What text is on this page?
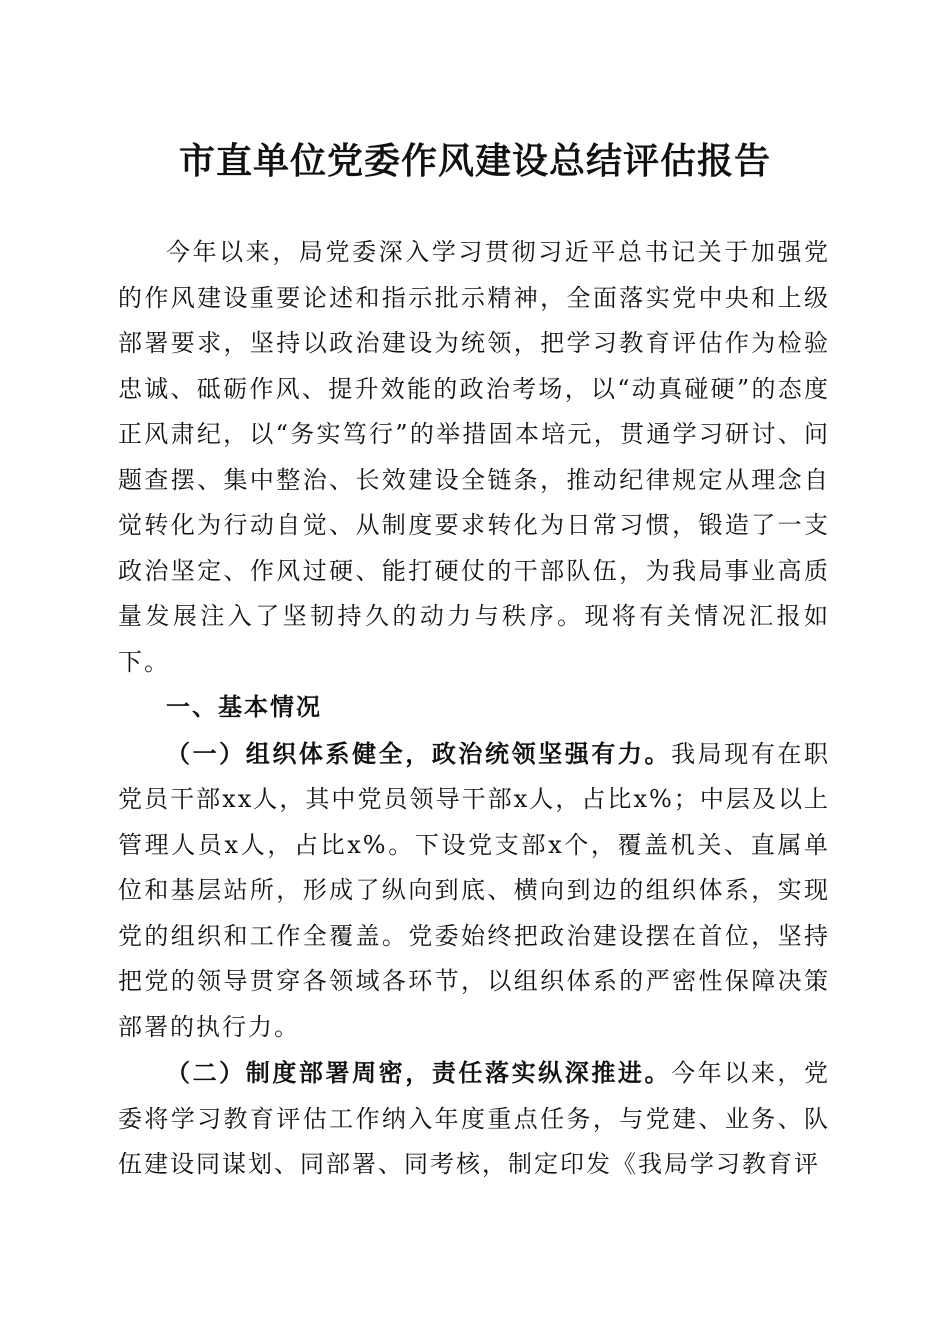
市直单位党委作风建设总结评估报告

今年以来，局党委深入学习贯彻习近平总书记关于加强党的作风建设重要论述和指示批示精神，全面落实党中央和上级部署要求，坚持以政治建设为统领，把学习教育评估作为检验忠诚、砥砺作风、提升效能的政治考场，以“动真碰硬”的态度正风肃纪，以“务实笃行”的举措固本培元，贯通学习研讨、问题查摆、集中整治、长效建设全链条，推动纪律规定从理念自觉转化为行动自觉、从制度要求转化为日常习惯，锻造了一支政治坚定、作风过硬、能打硬仗的干部队伍，为我局事业高质量发展注入了坚韧持久的动力与秩序。现将有关情况汇报如下。

一、基本情况

（一）组织体系健全，政治统领坚强有力。我局现有在职党员干部xx人，其中党员领导干部x人，占比x%；中层及以上管理人员x人，占比x%。下设党支部x个，覆盖机关、直属单位和基层站所，形成了纵向到底、横向到边的组织体系，实现党的组织和工作全覆盖。党委始终把政治建设摆在首位，坚持把党的领导贯穿各领域各环节，以组织体系的严密性保障决策部署的执行力。

（二）制度部署周密，责任落实纵深推进。今年以来，党委将学习教育评估工作纳入年度重点任务，与党建、业务、队伍建设同谋划、同部署、同考核，制定印发《我局学习教育评
